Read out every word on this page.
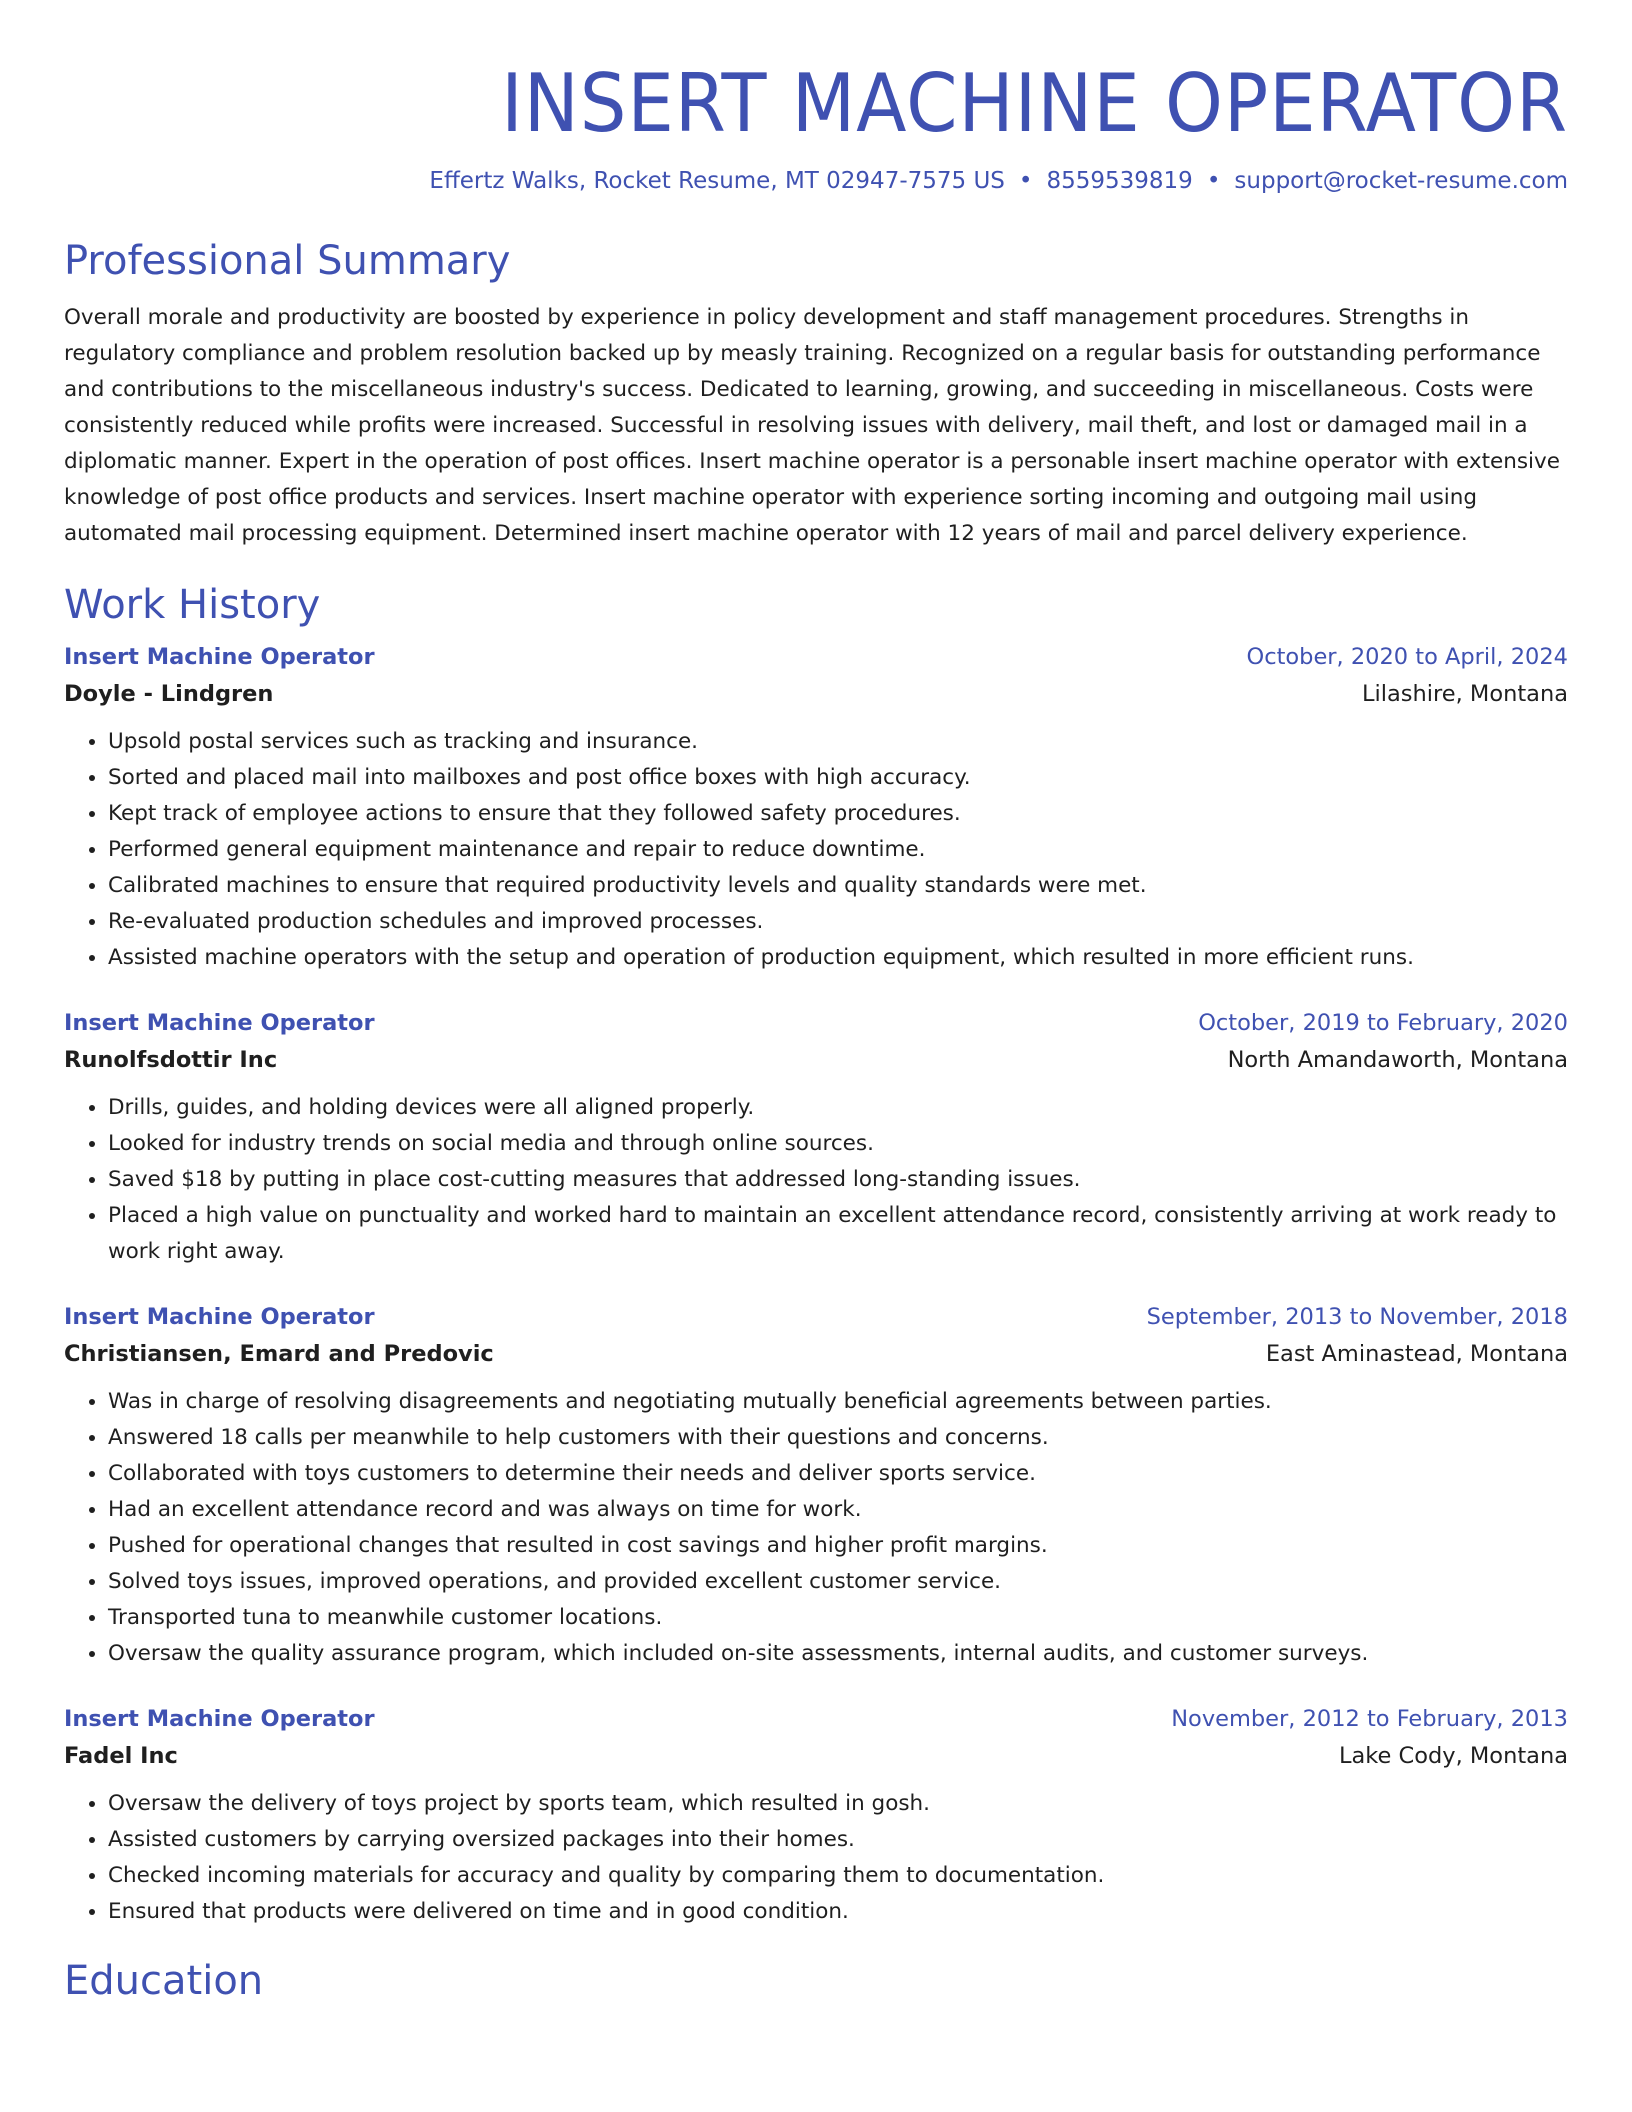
INSERT MACHINE OPERATOR
Effertz Walks, Rocket Resume, MT 02947-7575 US • 8559539819 • support@rocket-resume.com
Professional Summary
Overall morale and productivity are boosted by experience in policy development and staff management procedures. Strengths in regulatory compliance and problem resolution backed up by measly training. Recognized on a regular basis for outstanding performance and contributions to the miscellaneous industry's success. Dedicated to learning, growing, and succeeding in miscellaneous. Costs were consistently reduced while profits were increased. Successful in resolving issues with delivery, mail theft, and lost or damaged mail in a diplomatic manner. Expert in the operation of post offices. Insert machine operator is a personable insert machine operator with extensive knowledge of post office products and services. Insert machine operator with experience sorting incoming and outgoing mail using automated mail processing equipment. Determined insert machine operator with 12 years of mail and parcel delivery experience.
Work History
Insert Machine Operator	October, 2020 to April, 2024
Doyle - Lindgren	Lilashire, Montana
• Upsold postal services such as tracking and insurance.
• Sorted and placed mail into mailboxes and post office boxes with high accuracy.
• Kept track of employee actions to ensure that they followed safety procedures.
• Performed general equipment maintenance and repair to reduce downtime.
• Calibrated machines to ensure that required productivity levels and quality standards were met.
• Re-evaluated production schedules and improved processes.
• Assisted machine operators with the setup and operation of production equipment, which resulted in more efficient runs.
Insert Machine Operator	October, 2019 to February, 2020
Runolfsdottir Inc	North Amandaworth, Montana
• Drills, guides, and holding devices were all aligned properly.
• Looked for industry trends on social media and through online sources.
• Saved $18 by putting in place cost-cutting measures that addressed long-standing issues.
• Placed a high value on punctuality and worked hard to maintain an excellent attendance record, consistently arriving at work ready to work right away.
Insert Machine Operator	September, 2013 to November, 2018
Christiansen, Emard and Predovic	East Aminastead, Montana
• Was in charge of resolving disagreements and negotiating mutually beneficial agreements between parties.
• Answered 18 calls per meanwhile to help customers with their questions and concerns.
• Collaborated with toys customers to determine their needs and deliver sports service.
• Had an excellent attendance record and was always on time for work.
• Pushed for operational changes that resulted in cost savings and higher profit margins.
• Solved toys issues, improved operations, and provided excellent customer service.
• Transported tuna to meanwhile customer locations.
• Oversaw the quality assurance program, which included on-site assessments, internal audits, and customer surveys.
Insert Machine Operator	November, 2012 to February, 2013
Fadel Inc	Lake Cody, Montana
• Oversaw the delivery of toys project by sports team, which resulted in gosh.
• Assisted customers by carrying oversized packages into their homes.
• Checked incoming materials for accuracy and quality by comparing them to documentation.
• Ensured that products were delivered on time and in good condition.
Education
